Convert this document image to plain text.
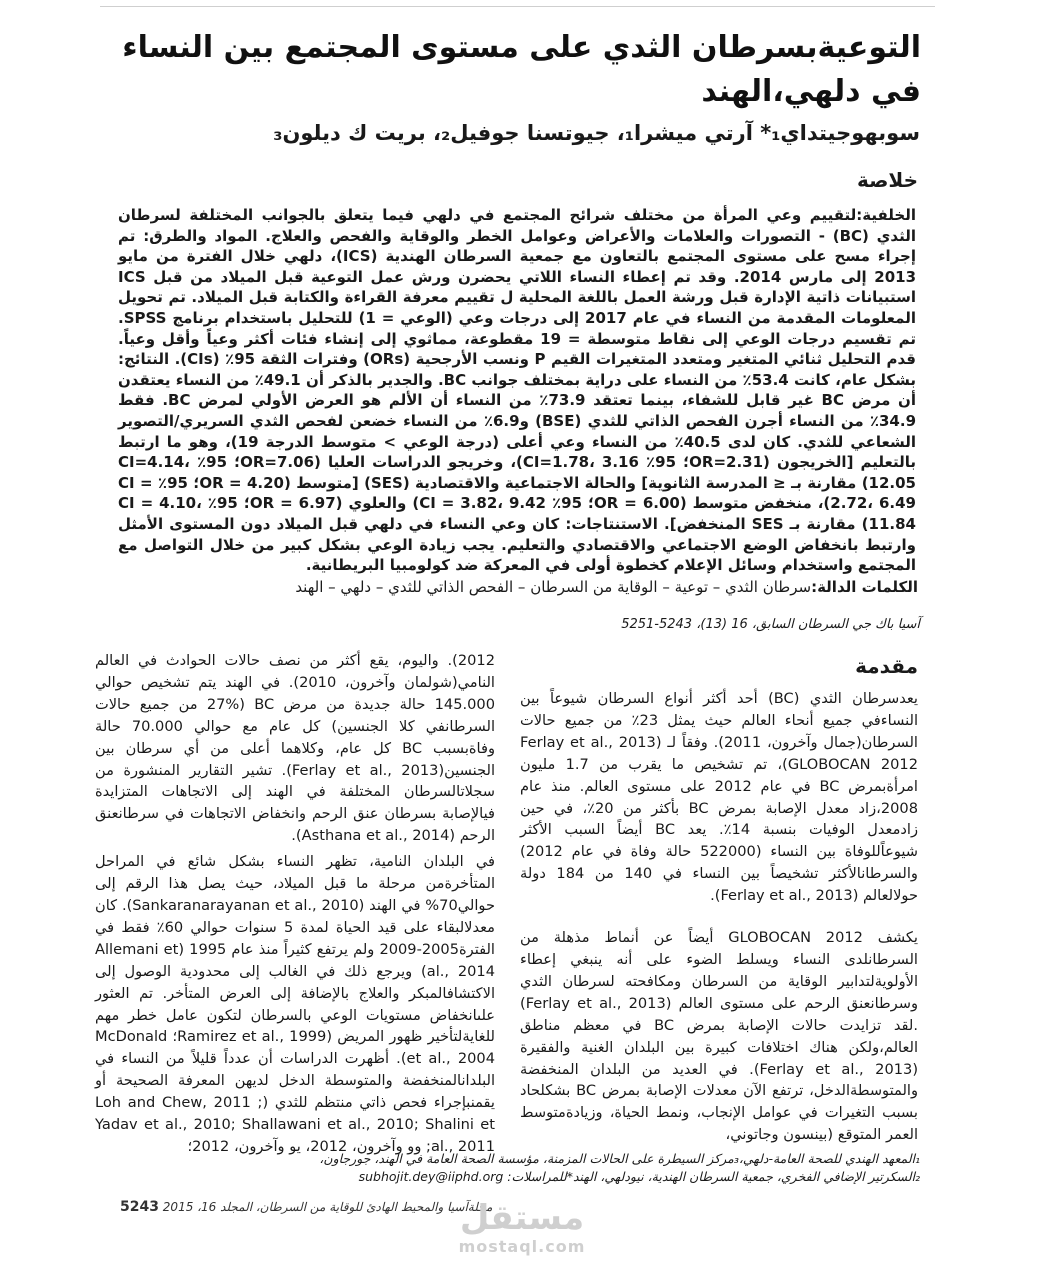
التوعيةبسرطان الثدي على مستوى المجتمع بين النساء في دلهي،الهند
سوبهوجيتداي₁* آرتي ميشرا₁، جيوتسنا جوفيل₂، بريت ك ديلون₃
خلاصة

الخلفية:لتقييم وعي المرأة من مختلف شرائح المجتمع في دلهي فيما يتعلق بالجوانب المختلفة لسرطان الثدي (BC) - التصورات والعلامات والأعراض وعوامل الخطر والوقاية والفحص والعلاج. المواد والطرق: تم إجراء مسح على مستوى المجتمع بالتعاون مع جمعية السرطان الهندية (ICS)، دلهي خلال الفترة من مايو 2013 إلى مارس 2014. وقد تم إعطاء النساء اللاتي يحضرن ورش عمل التوعية قبل الميلاد من قبل ICS استبيانات ذاتية الإدارة قبل ورشة العمل باللغة المحلية ل تقييم معرفة القراءة والكتابة قبل الميلاد. تم تحويل المعلومات المقدمة من النساء في عام 2017 إلى درجات وعي (الوعي = 1) للتحليل باستخدام برنامج SPSS. تم تقسيم درجات الوعي إلى نقاط متوسطة = 19 مقطوعة، مماثوي إلى إنشاء فئات أكثر وعياً وأقل وعياً. قدم التحليل ثنائي المتغير ومتعدد المتغيرات القيم P ونسب الأرجحية (ORs) وفترات الثقة 95٪ (CIs). النتائج: بشكل عام، كانت 53.4٪ من النساء على دراية بمختلف جوانب BC. والجدير بالذكر أن 49.1٪ من النساء يعتقدن أن مرض BC غير قابل للشفاء، بينما تعتقد 73.9٪ من النساء أن الألم هو العرض الأولي لمرض BC. فقط 34.9٪ من النساء أجرن الفحص الذاتي للثدي (BSE) و6.9٪ من النساء خضعن لفحص الثدي السريري/التصوير الشعاعي للثدي. كان لدى 40.5٪ من النساء وعي أعلى (درجة الوعي > متوسط الدرجة 19)، وهو ما ارتبط بالتعليم [الخريجون (OR=2.31؛ 95٪ CI=1.78، 3.16)، وخريجو الدراسات العليا (OR=7.06؛ 95٪ CI=4.14، 12.05) مقارنة بـ ≤ المدرسة الثانوية] والحالة الاجتماعية والاقتصادية (SES) [متوسط (OR = 4.20؛ 95٪ CI = 2.72، 6.49)، منخفض متوسط (OR = 6.00؛ 95٪ CI = 3.82، 9.42) والعلوي (OR = 6.97؛ 95٪ CI = 4.10، 11.84) مقارنة بـ SES المنخفض]. الاستنتاجات: كان وعي النساء في دلهي قبل الميلاد دون المستوى الأمثل وارتبط بانخفاض الوضع الاجتماعي والاقتصادي والتعليم. يجب زيادة الوعي بشكل كبير من خلال التواصل مع المجتمع واستخدام وسائل الإعلام كخطوة أولى في المعركة ضد كولومبيا البريطانية.

الكلمات الدالة:سرطان الثدي – توعية – الوقاية من السرطان – الفحص الذاتي للثدي – دلهي – الهند

آسيا باك جي السرطان السابق، 16 (13)، 5243-5251

مقدمة

يعدسرطان الثدي (BC) أحد أكثر أنواع السرطان شيوعاً بين النساءفي جميع أنحاء العالم حيث يمثل 23٪ من جميع حالات السرطان(جمال وآخرون، 2011). وفقاً لـ (Ferlay et al., 2013 GLOBOCAN 2012)، تم تشخيص ما يقرب من 1.7 مليون امرأةبمرض BC في عام 2012 على مستوى العالم. منذ عام 2008،زاد معدل الإصابة بمرض BC بأكثر من 20٪، في حين زادمعدل الوفيات بنسبة 14٪. يعد BC أيضاً السبب الأكثر شيوعاًللوفاة بين النساء (522000 حالة وفاة في عام 2012) والسرطانالأكثر تشخيصاً بين النساء في 140 من 184 دولة حولالعالم (Ferlay et al., 2013).

يكشف GLOBOCAN 2012 أيضاً عن أنماط مذهلة من السرطانلدى النساء ويسلط الضوء على أنه ينبغي إعطاء الأولويةلتدابير الوقاية من السرطان ومكافحته لسرطان الثدي وسرطانعنق الرحم على مستوى العالم (Ferlay et al., 2013) .لقد تزايدت حالات الإصابة بمرض BC في معظم مناطق العالم،ولكن هناك اختلافات كبيرة بين البلدان الغنية والفقيرة (Ferlay et al., 2013). في العديد من البلدان المنخفضة والمتوسطةالدخل، ترتفع الآن معدلات الإصابة بمرض BC بشكلحاد بسبب التغيرات في عوامل الإنجاب، ونمط الحياة، وزيادةمتوسط العمر المتوقع (بينسون وجاتوني،

2012). واليوم، يقع أكثر من نصف حالات الحوادث في العالم النامي(شولمان وآخرون، 2010). في الهند يتم تشخيص حوالي 145.000 حالة جديدة من مرض BC (27% من جميع حالات السرطانفي كلا الجنسين) كل عام مع حوالي 70.000 حالة وفاةبسبب BC كل عام، وكلاهما أعلى من أي سرطان بين الجنسين(Ferlay et al., 2013). تشير التقارير المنشورة من سجلاتالسرطان المختلفة في الهند إلى الاتجاهات المتزايدة فيالإصابة بسرطان عنق الرحم وانخفاض الاتجاهات في سرطانعنق الرحم (Asthana et al., 2014).

في البلدان النامية، تظهر النساء بشكل شائع في المراحل المتأخرةمن مرحلة ما قبل الميلاد، حيث يصل هذا الرقم إلى حوالي70% في الهند (Sankaranarayanan et al., 2010). كان معدلالبقاء على قيد الحياة لمدة 5 سنوات حوالي 60٪ فقط في الفترة2005-2009 ولم يرتفع كثيراً منذ عام 1995 (Allemani et al., 2014) ويرجع ذلك في الغالب إلى محدودية الوصول إلى الاكتشافالمبكر والعلاج بالإضافة إلى العرض المتأخر. تم العثور علىانخفاض مستويات الوعي بالسرطان لتكون عامل خطر مهم للغايةلتأخير ظهور المريض (Ramirez et al., 1999؛ McDonald et al., 2004). أظهرت الدراسات أن عدداً قليلاً من النساء في البلدانالمنخفضة والمتوسطة الدخل لديهن المعرفة الصحيحة أو يقمنبإجراء فحص ذاتي منتظم للثدي (Loh and Chew, 2011 ; Yadav et al., 2010; Shallawani et al., 2010; Shalini et al., 2011; وو وآخرون، 2012، يو وآخرون، 2012؛

₁المعهد الهندي للصحة العامة-دلهي،₃مركز السيطرة على الحالات المزمنة، مؤسسة الصحة العامة في الهند، جورجاون،

₂السكرتير الإضافي الفخري، جمعية السرطان الهندية، نيودلهي، الهند*للمراسلات: subhojit.dey@iiphd.org

مجلةآسيا والمحيط الهادئ للوقاية من السرطان، المجلد 16، 2015 5243	مستقل
mostaql.com
